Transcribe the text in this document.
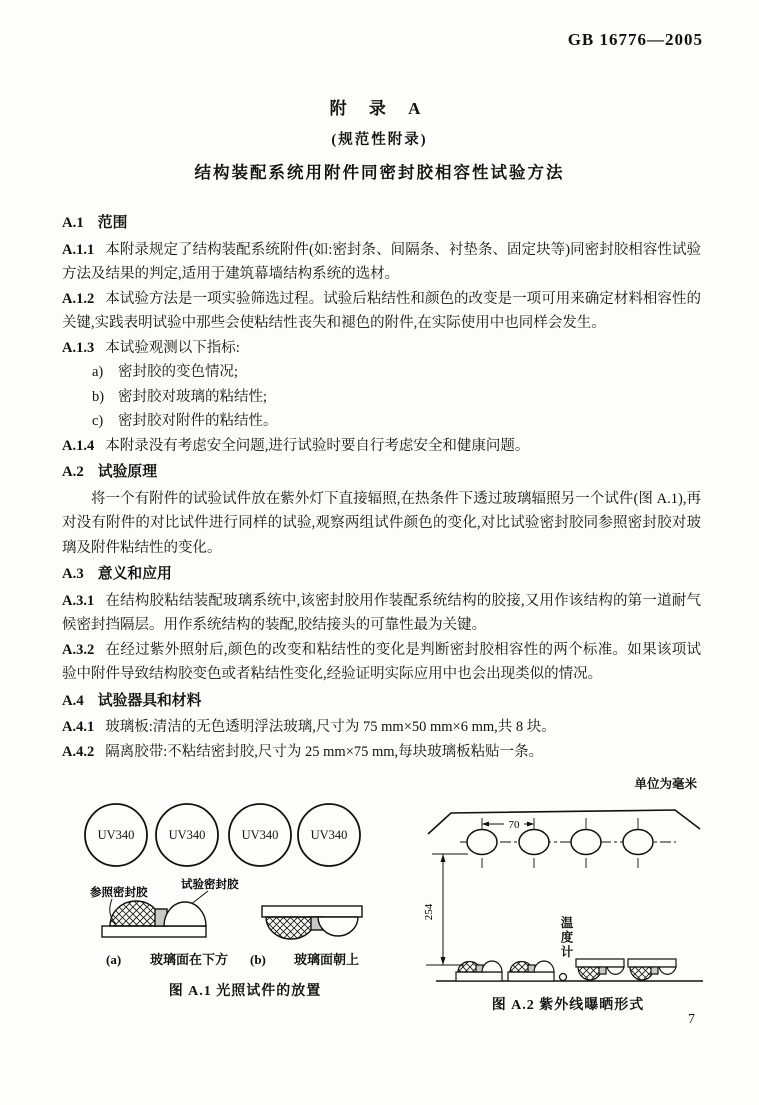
GB 16776—2005
附 录 A
(规范性附录)
结构装配系统用附件同密封胶相容性试验方法
A.1 范围

A.1.1 本附录规定了结构装配系统附件(如:密封条、间隔条、衬垫条、固定块等)同密封胶相容性试验方法及结果的判定,适用于建筑幕墙结构系统的选材。

A.1.2 本试验方法是一项实验筛选过程。试验后粘结性和颜色的改变是一项可用来确定材料相容性的关键,实践表明试验中那些会使粘结性丧失和褪色的附件,在实际使用中也同样会发生。

A.1.3 本试验观测以下指标:

a) 密封胶的变色情况;
b) 密封胶对玻璃的粘结性;
c) 密封胶对附件的粘结性。

A.1.4 本附录没有考虑安全问题,进行试验时要自行考虑安全和健康问题。

A.2 试验原理

将一个有附件的试验试件放在紫外灯下直接辐照,在热条件下透过玻璃辐照另一个试件(图 A.1),再对没有附件的对比试件进行同样的试验,观察两组试件颜色的变化,对比试验密封胶同参照密封胶对玻璃及附件粘结性的变化。

A.3 意义和应用

A.3.1 在结构胶粘结装配玻璃系统中,该密封胶用作装配系统结构的胶接,又用作该结构的第一道耐气候密封挡隔层。用作系统结构的装配,胶结接头的可靠性最为关键。

A.3.2 在经过紫外照射后,颜色的改变和粘结性的变化是判断密封胶相容性的两个标准。如果该项试验中附件导致结构胶变色或者粘结性变化,经验证明实际应用中也会出现类似的情况。

A.4 试验器具和材料

A.4.1 玻璃板:清洁的无色透明浮法玻璃,尺寸为 75 mm×50 mm×6 mm,共 8 块。

A.4.2 隔离胶带:不粘结密封胶,尺寸为 25 mm×75 mm,每块玻璃板粘贴一条。

单位为毫米
UV340	UV340	UV340	UV340
参照密封胶
试验密封胶
(a) 玻璃面在下方 (b) 玻璃面朝上
图 A.1 光照试件的放置
70
254
温度计
图 A.2 紫外线曝晒形式
7
